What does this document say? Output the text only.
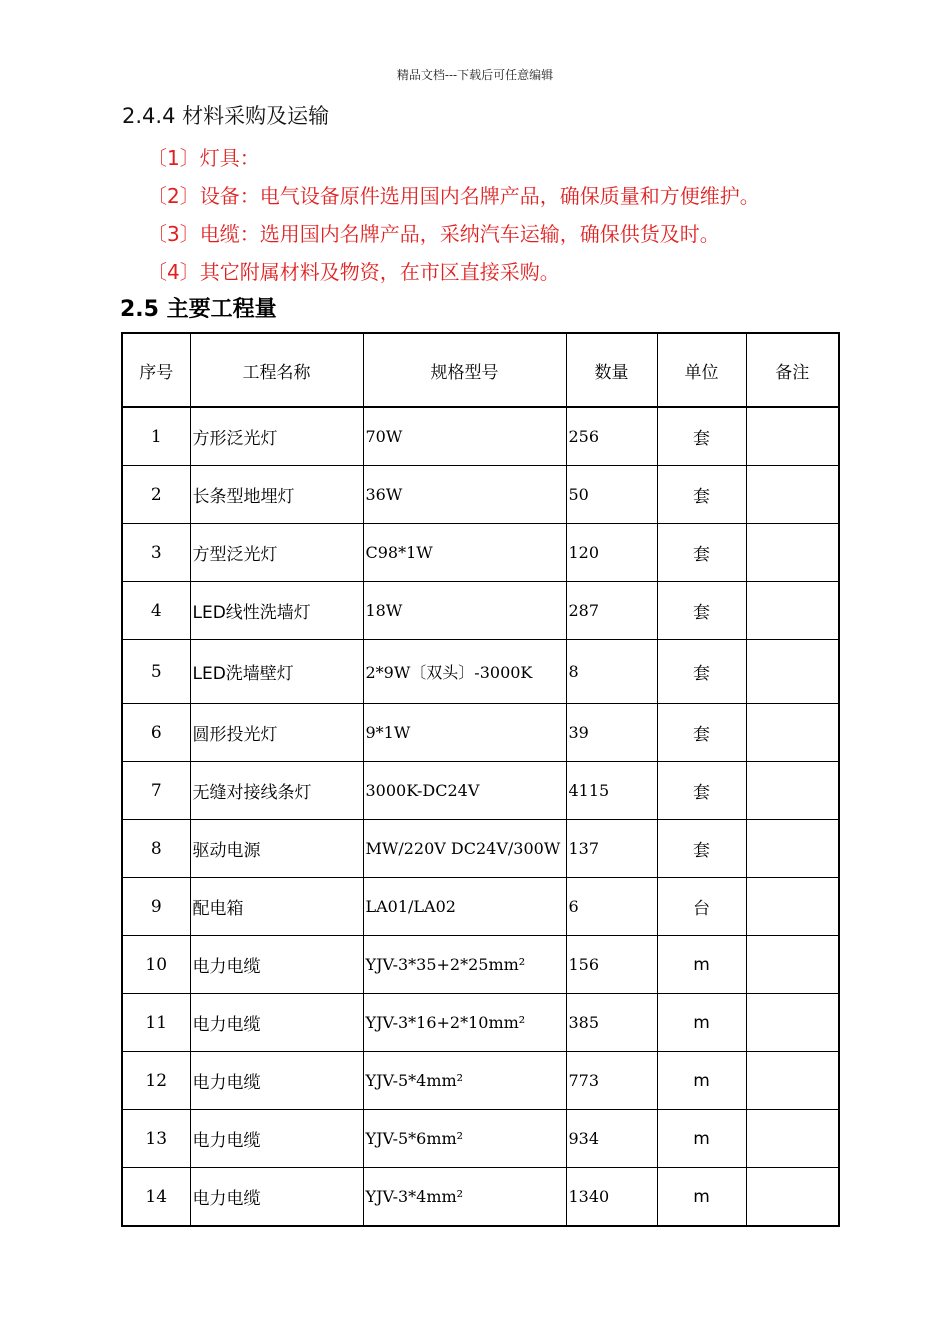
精品文档---下载后可任意编辑
2.4.4 材料采购及运输
〔1〕灯具：
〔2〕设备：电气设备原件选用国内名牌产品，确保质量和方便维护。
〔3〕电缆：选用国内名牌产品，采纳汽车运输，确保供货及时。
〔4〕其它附属材料及物资，在市区直接采购。
2.5 主要工程量
序号	工程名称	规格型号	数量	单位	备注
1	方形泛光灯	70W	256	套	
2	长条型地埋灯	36W	50	套	
3	方型泛光灯	C98*1W	120	套	
4	LED线性洗墙灯	18W	287	套	
5	LED洗墙壁灯	2*9W〔双头〕-3000K	8	套	
6	圆形投光灯	9*1W	39	套	
7	无缝对接线条灯	3000K-DC24V	4115	套	
8	驱动电源	MW/220V DC24V/300W	137	套	
9	配电箱	LA01/LA02	6	台	
10	电力电缆	YJV-3*35+2*25mm²	156	m	
11	电力电缆	YJV-3*16+2*10mm²	385	m	
12	电力电缆	YJV-5*4mm²	773	m	
13	电力电缆	YJV-5*6mm²	934	m	
14	电力电缆	YJV-3*4mm²	1340	m	
